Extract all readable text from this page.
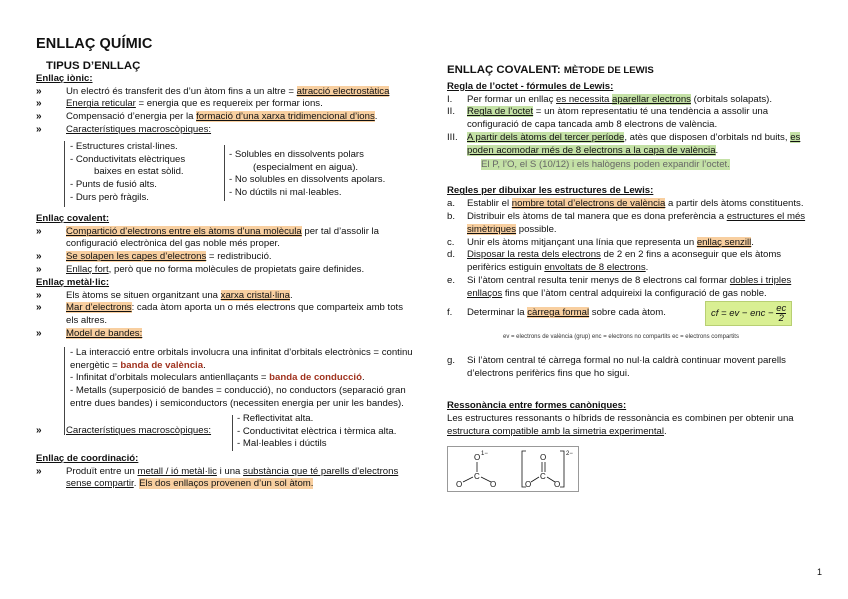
ENLLAÇ QUÍMIC
TIPUS D’ENLLAÇ
Enllaç iònic:
»	Un electró és transferit des d’un àtom fins a un altre = atracció electrostàtica
»	Energia reticular = energia que es requereix per formar ions.
»	Compensació d’energia per la formació d’una xarxa tridimencional d’ions.
»	Característiques macroscòpiques:
- Estructures cristal·lines.
- Conductivitats elèctriques
baixes en estat sòlid.
- Punts de fusió alts.
- Durs però fràgils.
- Solubles en dissolvents polars
(especialment en aigua).
- No solubles en dissolvents apolars.
- No dúctils ni mal·leables.
Enllaç covalent:
»	Compartició d’electrons entre els àtoms d’una molècula per tal d’assolir la configuració electrònica del gas noble més proper.
»	Se solapen les capes d’electrons = redistribució.
»	Enllaç fort, però que no forma molècules de propietats gaire definides.
Enllaç metàl·lic:
»	Els àtoms se situen organitzant una xarxa cristal·lina.
»	Mar d’electrons: cada àtom aporta un o més electrons que comparteix amb tots els altres.
»	Model de bandes:
- La interacció entre orbitals involucra una infinitat d’orbitals electrònics = continu energètic = banda de valència.
- Infinitat d’orbitals moleculars antienllaçants = banda de conducció.
- Metalls (superposició de bandes = conducció), no conductors (separació gran entre dues bandes) i semiconductors (necessiten energia per unir les bandes).
»	Característiques macroscòpiques:
- Reflectivitat alta.
- Conductivitat elèctrica i tèrmica alta.
- Mal·leables i dúctils
Enllaç de coordinació:
»	Produït entre un metall / ió metàl·lic i una substància que té parells d’electrons sense compartir. Els dos enllaços provenen d’un sol àtom.
ENLLAÇ COVALENT: MÈTODE DE LEWIS
Regla de l’octet - fórmules de Lewis:
I. Per formar un enllaç es necessita aparellar electrons (orbitals solapats).
II. Regla de l’octet = un àtom representatiu té una tendència a assolir una configuració de capa tancada amb 8 electrons de valència.
III. A partir dels àtoms del tercer període, atès que disposen d’orbitals nd buits, es poden acomodar més de 8 electrons a la capa de valència.
El P, l’O, el S (10/12) i els halògens poden expandir l’octet.
Regles per dibuixar les estructures de Lewis:
a. Establir el nombre total d’electrons de valència a partir dels àtoms constituents.
b. Distribuir els àtoms de tal manera que es dona preferència a estructures el més simètriques possible.
c. Unir els àtoms mitjançant una línia que representa un enllaç senzill.
d. Disposar la resta dels electrons de 2 en 2 fins a aconseguir que els àtoms perifèrics estiguin envoltats de 8 electrons.
e. Si l’àtom central resulta tenir menys de 8 electrons cal formar dobles i triples enllaços fins que l’àtom central adquireixi la configuració de gas noble.
f. Determinar la càrrega formal sobre cada àtom.	cf = ev − enc − $\frac{ec}{2}$
ev = electrons de valència (grup) enc = electrons no compartits ec = electrons compartits
g. Si l’àtom central té càrrega formal no nul·la caldrà continuar movent parells d’electrons perifèrics fins que ho sigui.
Ressonància entre formes canòniques:
Les estructures ressonants o híbrids de ressonància es combinen per obtenir una estructura compatible amb la simetria experimental.
O 1−
C
O	O
2−
O
C
O	O
1
